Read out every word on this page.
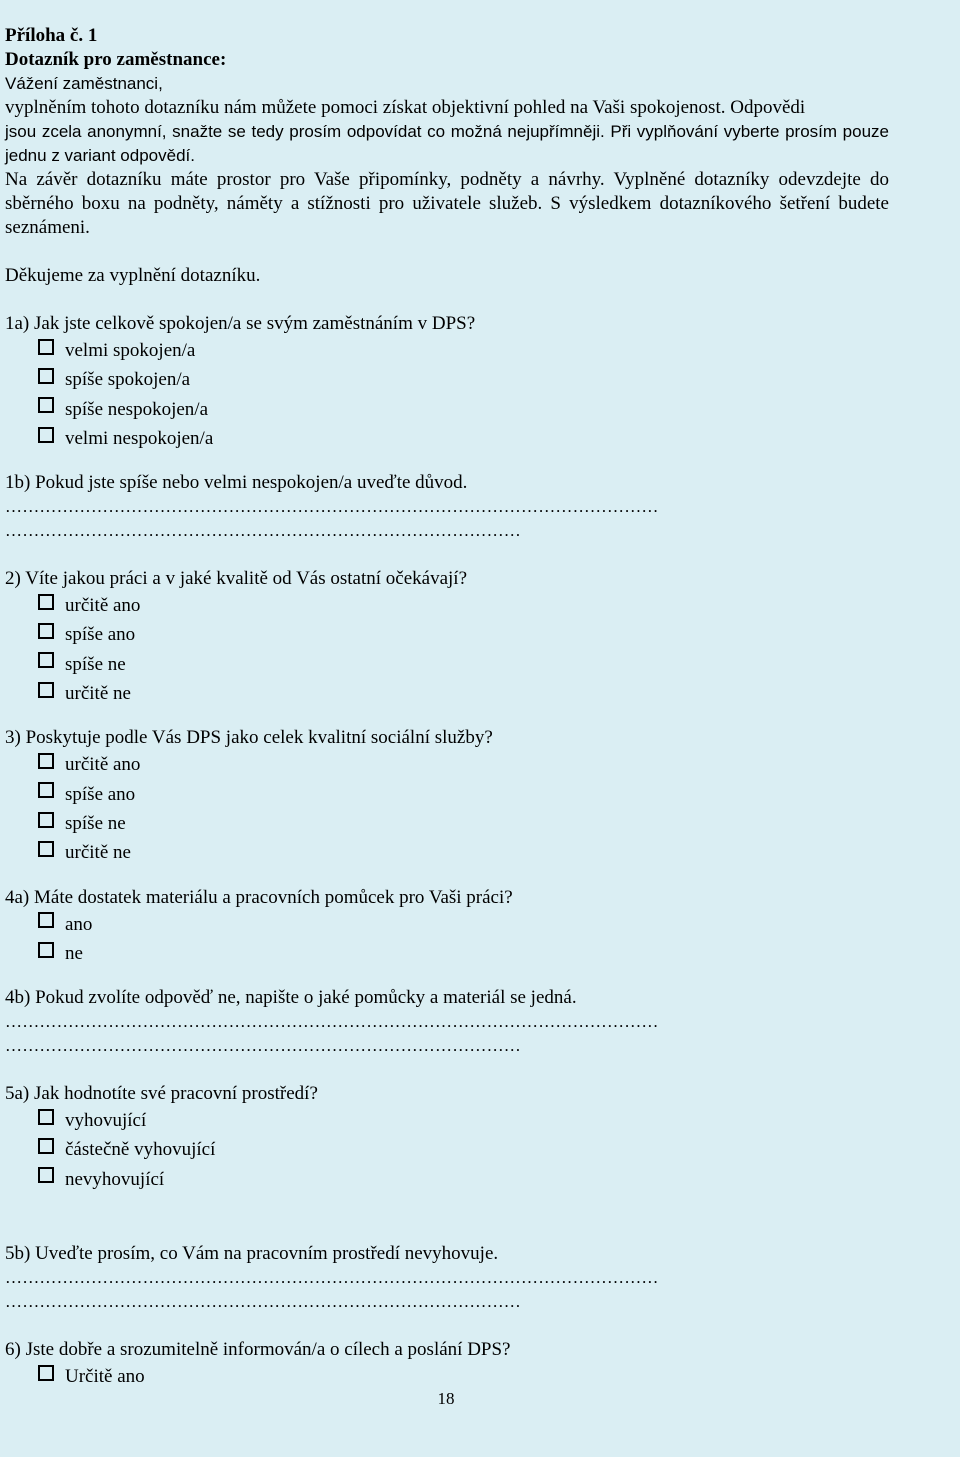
Příloha č. 1

Dotazník pro zaměstnance:

Vážení zaměstnanci,

vyplněním tohoto dotazníku nám můžete pomoci získat objektivní pohled na Vaši spokojenost. Odpovědi

jsou zcela anonymní, snažte se tedy prosím odpovídat co možná nejupřímněji. Při vyplňování vyberte prosím pouze jednu z variant odpovědí.

Na závěr dotazníku máte prostor pro Vaše připomínky, podněty a návrhy. Vyplněné dotazníky odevzdejte do sběrného boxu na podněty, náměty a stížnosti pro uživatele služeb. S výsledkem dotazníkového šetření budete seznámeni.

Děkujeme za vyplnění dotazníku.

1a) Jak jste celkově spokojen/a se svým zaměstnáním v DPS?

velmi spokojen/a
spíše spokojen/a
spíše nespokojen/a
velmi nespokojen/a

1b) Pokud jste spíše nebo velmi nespokojen/a uveďte důvod.

……………………………………………………………………………………………………

………………………………………………………………………………

2) Víte jakou práci a v jaké kvalitě od Vás ostatní očekávají?

určitě ano
spíše ano
spíše ne
určitě ne

3) Poskytuje podle Vás DPS jako celek kvalitní sociální služby?

určitě ano
spíše ano
spíše ne
určitě ne

4a) Máte dostatek materiálu a pracovních pomůcek pro Vaši práci?

ano
ne

4b) Pokud zvolíte odpověď ne, napište o jaké pomůcky a materiál se jedná.

……………………………………………………………………………………………………

………………………………………………………………………………

5a) Jak hodnotíte své pracovní prostředí?

vyhovující
částečně vyhovující
nevyhovující

5b) Uveďte prosím, co Vám na pracovním prostředí nevyhovuje.

……………………………………………………………………………………………………

………………………………………………………………………………

6) Jste dobře a srozumitelně informován/a o cílech a poslání DPS?

Určitě ano
18
